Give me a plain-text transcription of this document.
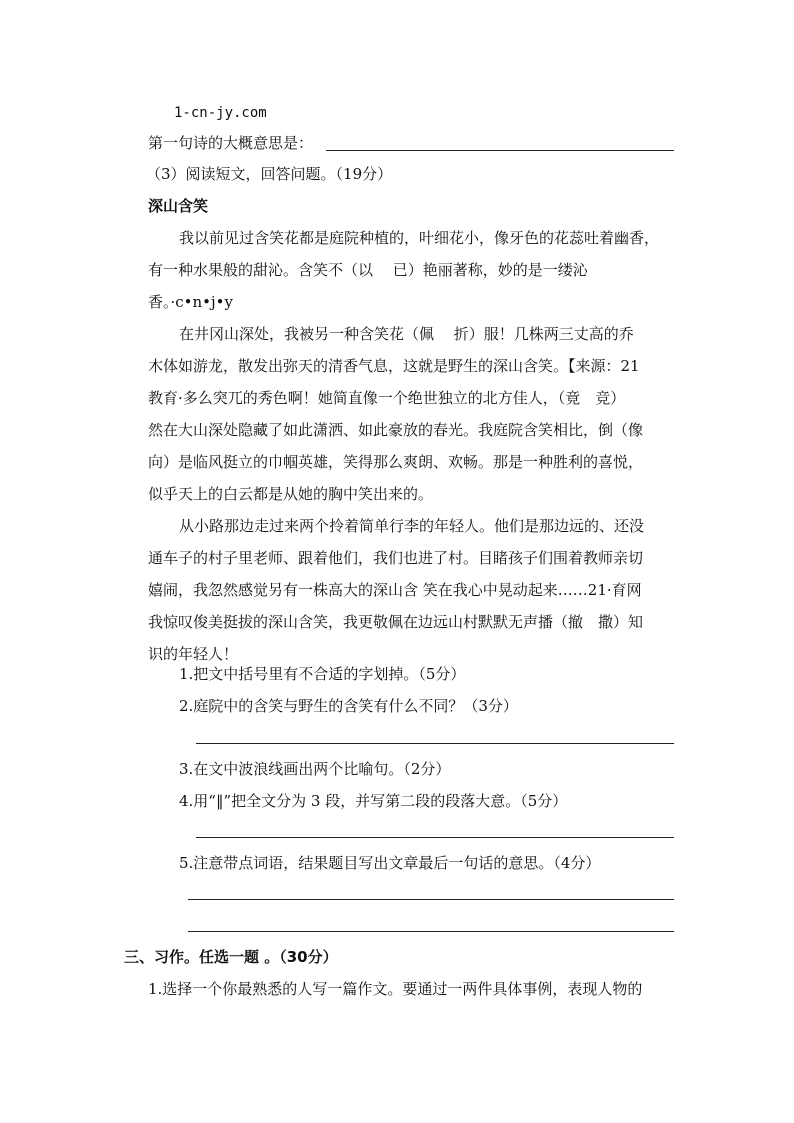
1-cn-jy.com
第一句诗的大概意思是：
（3）阅读短文，回答问题。（19分）
深山含笑
我以前见过含笑花都是庭院种植的，叶细花小，像牙色的花蕊吐着幽香，
有一种水果般的甜沁。含笑不（以　 已）艳丽著称，妙的是一缕沁
香。·c•n•j•y
在井冈山深处，我被另一种含笑花（佩　 折）服！几株两三丈高的乔
木体如游龙，散发出弥天的清香气息，这就是野生的深山含笑。【来源：21
教育·多么突兀的秀色啊！她简直像一个绝世独立的北方佳人，（竟　竞）
然在大山深处隐藏了如此潇洒、如此豪放的春光。我庭院含笑相比，倒（像
向）是临风挺立的巾帼英雄，笑得那么爽朗、欢畅。那是一种胜利的喜悦，
似乎天上的白云都是从她的胸中笑出来的。
从小路那边走过来两个拎着简单行李的年轻人。他们是那边远的、还没
通车子的村子里老师、跟着他们，我们也进了村。目睹孩子们围着教师亲切
嬉闹，我忽然感觉另有一株高大的深山含 笑在我心中晃动起来……21·育网
我惊叹俊美挺拔的深山含笑，我更敬佩在边远山村默默无声播（撤　撒）知
识的年轻人！
1.把文中括号里有不合适的字划掉。（5分）
2.庭院中的含笑与野生的含笑有什么不同？（3分）
3.在文中波浪线画出两个比喻句。（2分）
4.用“‖”把全文分为 3 段，并写第二段的段落大意。（5分）
5.注意带点词语，结果题目写出文章最后一句话的意思。（4分）
三、习作。任选一题 。（30分）
1.选择一个你最熟悉的人写一篇作文。要通过一两件具体事例，表现人物的
